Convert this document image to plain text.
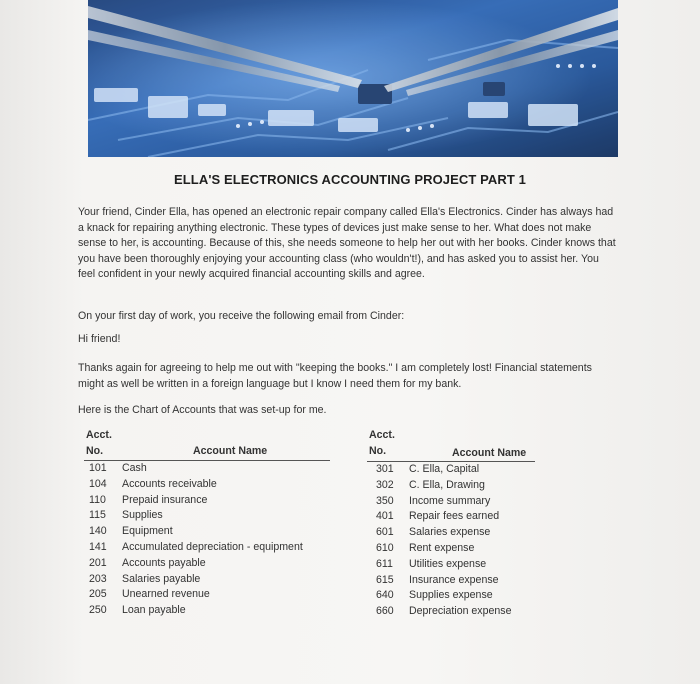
ELLA'S ELECTRONICS ACCOUNTING PROJECT PART 1
Your friend, Cinder Ella, has opened an electronic repair company called Ella's Electronics. Cinder has always had a knack for repairing anything electronic. These types of devices just make sense to her. What does not make sense to her, is accounting. Because of this, she needs someone to help her out with her books. Cinder knows that you have been thoroughly enjoying your accounting class (who wouldn't!), and has asked you to assist her. You feel confident in your newly acquired financial accounting skills and agree.
On your first day of work, you receive the following email from Cinder:
Hi friend!
Thanks again for agreeing to help me out with "keeping the books." I am completely lost! Financial statements might as well be written in a foreign language but I know I need them for my bank.
Here is the Chart of Accounts that was set-up for me.
Acct.
No.	Account Name
Acct.
No.	Account Name
101 Cash
104 Accounts receivable
110 Prepaid insurance
115 Supplies
140 Equipment
141 Accumulated depreciation - equipment
201 Accounts payable
203 Salaries payable
205 Unearned revenue
250 Loan payable
301 C. Ella, Capital
302 C. Ella, Drawing
350 Income summary
401 Repair fees earned
601 Salaries expense
610 Rent expense
611 Utilities expense
615 Insurance expense
640 Supplies expense
660 Depreciation expense
